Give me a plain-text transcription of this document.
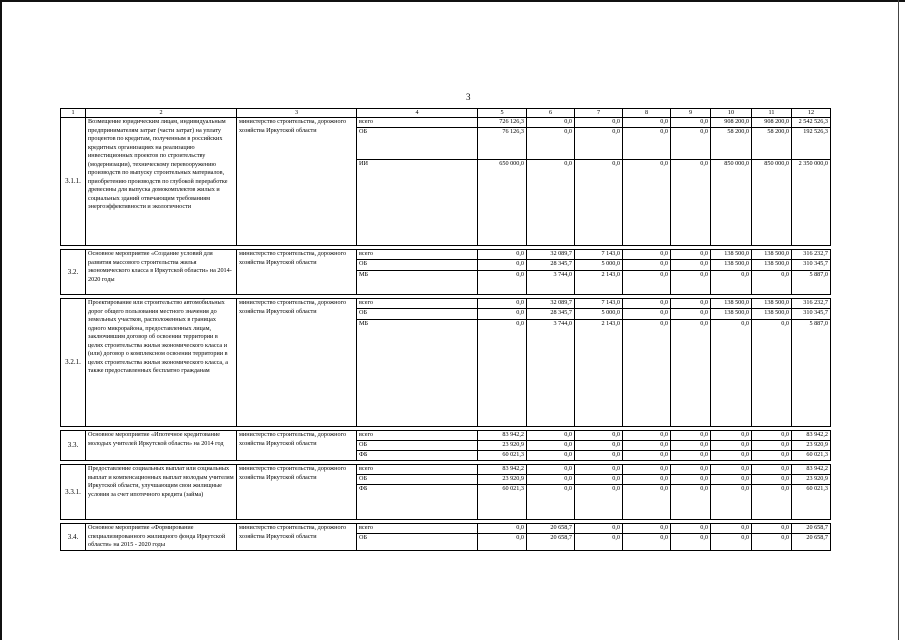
3
1	2	3	4	5	6	7	8	9	10	11	12
3.1.1.	Возмещение юридическим лицам, индивидуальным предпринимателям затрат (части затрат) на уплату процентов по кредитам, полученным в российских кредитных организациях на реализацию инвестиционных проектов по строительству (модернизации), техническому перевооружению производств по выпуску строительных материалов, приобретению производств по глубокой переработке древесины для выпуска домокомплектов жилых и социальных зданий отвечающим требованиям энергоэффективности и экологичности	министерство строительства, дорожного хозяйства Иркутской области	всего	726 126,3	0,0	0,0	0,0	0,0	908 200,0	908 200,0	2 542 526,3
			ОБ	76 126,3	0,0	0,0	0,0	0,0	58 200,0	58 200,0	192 526,3
			ИИ	650 000,0	0,0	0,0	0,0	0,0	850 000,0	850 000,0	2 350 000,0

3.2.	Основное мероприятие «Создание условий для развития массового строительства жилья экономического класса в Иркутской области» на 2014-2020 годы	министерство строительства, дорожного хозяйства Иркутской области	всего	0,0	32 089,7	7 143,0	0,0	0,0	138 500,0	138 500,0	316 232,7
			ОБ	0,0	28 345,7	5 000,0	0,0	0,0	138 500,0	138 500,0	310 345,7
			МБ	0,0	3 744,0	2 143,0	0,0	0,0	0,0	0,0	5 887,0

3.2.1.	Проектирование или строительство автомобильных дорог общего пользования местного значения до земельных участков, расположенных в границах одного микрорайона, предоставленных лицам, заключившим договор об освоении территории в целях строительства жилья экономического класса и (или) договор о комплексном освоении территории в целях строительства жилья экономического класса, а также предоставленных бесплатно гражданам	министерство строительства, дорожного хозяйства Иркутской области	всего	0,0	32 089,7	7 143,0	0,0	0,0	138 500,0	138 500,0	316 232,7
			ОБ	0,0	28 345,7	5 000,0	0,0	0,0	138 500,0	138 500,0	310 345,7
			МБ	0,0	3 744,0	2 143,0	0,0	0,0	0,0	0,0	5 887,0

3.3.	Основное мероприятие «Ипотечное кредитование молодых учителей Иркутской области» на 2014 год	министерство строительства, дорожного хозяйства Иркутской области	всего	83 942,2	0,0	0,0	0,0	0,0	0,0	0,0	83 942,2
			ОБ	23 920,9	0,0	0,0	0,0	0,0	0,0	0,0	23 920,9
			ФБ	60 021,3	0,0	0,0	0,0	0,0	0,0	0,0	60 021,3

3.3.1.	Предоставление социальных выплат или социальных выплат и компенсационных выплат молодым учителям Иркутской области, улучшающим свои жилищные условия за счет ипотечного кредита (займа)	министерство строительства, дорожного хозяйства Иркутской области	всего	83 942,2	0,0	0,0	0,0	0,0	0,0	0,0	83 942,2
			ОБ	23 920,9	0,0	0,0	0,0	0,0	0,0	0,0	23 920,9
			ФБ	60 021,3	0,0	0,0	0,0	0,0	0,0	0,0	60 021,3

3.4.	Основное мероприятие «Формирование специализированного жилищного фонда Иркутской области» на 2015 - 2020 годы	министерство строительства, дорожного хозяйства Иркутской области	всего	0,0	20 658,7	0,0	0,0	0,0	0,0	0,0	20 658,7
			ОБ	0,0	20 658,7	0,0	0,0	0,0	0,0	0,0	20 658,7
